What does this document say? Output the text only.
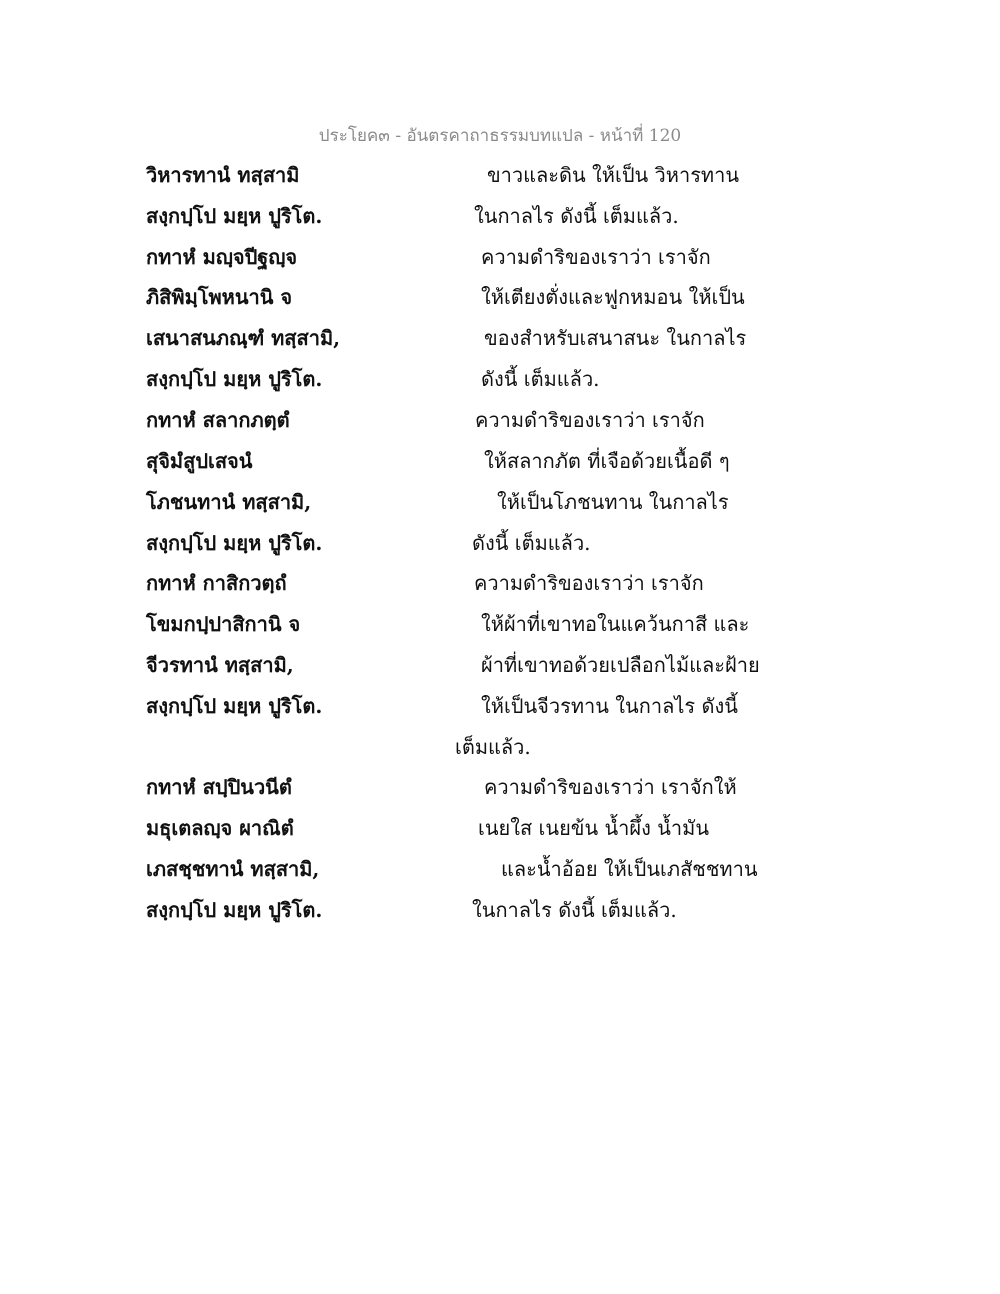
ประโยค๓ - อันตรคาถาธรรมบทแปล - หน้าที่ 120
วิหารทานํ ทสฺสามิ	ขาวและดิน ให้เป็น วิหารทาน
สงฺกปฺโป มยฺห ปูริโต.	ในกาลไร ดังนี้ เต็มแล้ว.
กทาหํ มญฺจปีฐญฺจ	ความดำริของเราว่า เราจัก
ภิสิพิมฺโพหนานิ จ	ให้เตียงตั่งและฟูกหมอน ให้เป็น
เสนาสนภณฺฑํ ทสฺสามิ,	ของสำหรับเสนาสนะ ในกาลไร
สงฺกปฺโป มยฺห ปูริโต.	ดังนี้ เต็มแล้ว.
กทาหํ สลากภตฺตํ	ความดำริของเราว่า เราจัก
สุจิมํสูปเสจนํ	ให้สลากภัต ที่เจือด้วยเนื้อดี ๆ
โภชนทานํ ทสฺสามิ,	ให้เป็นโภชนทาน ในกาลไร
สงฺกปฺโป มยฺห ปูริโต.	ดังนี้ เต็มแล้ว.
กทาหํ กาสิกวตฺถํ	ความดำริของเราว่า เราจัก
โขมกปฺปาสิกานิ จ	ให้ผ้าที่เขาทอในแคว้นกาสี และ
จีวรทานํ ทสฺสามิ,	ผ้าที่เขาทอด้วยเปลือกไม้และฝ้าย
สงฺกปฺโป มยฺห ปูริโต.	ให้เป็นจีวรทาน ในกาลไร ดังนี้
เต็มแล้ว.
กทาหํ สปฺปินวนีตํ	ความดำริของเราว่า เราจักให้
มธุเตลญฺจ ผาณิตํ	เนยใส เนยข้น น้ำผึ้ง น้ำมัน
เภสชฺชทานํ ทสฺสามิ,	และน้ำอ้อย ให้เป็นเภสัชชทาน
สงฺกปฺโป มยฺห ปูริโต.	ในกาลไร ดังนี้ เต็มแล้ว.
